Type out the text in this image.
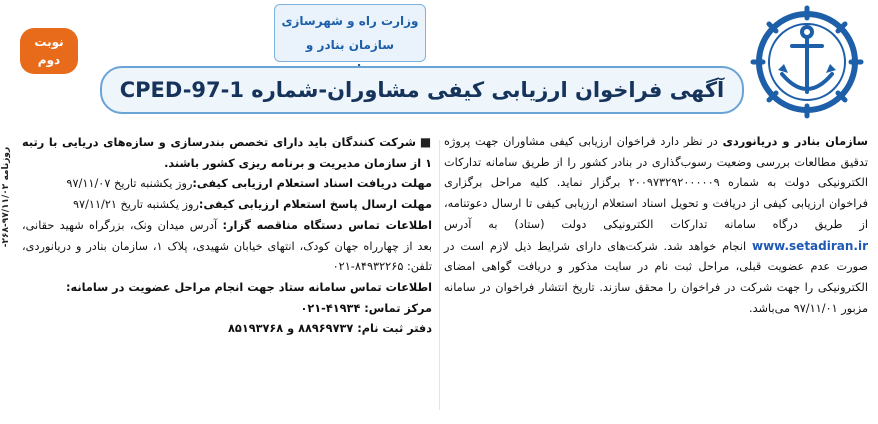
وزارت راه و شهرسازی
سازمان بنادر و
نوبت
دوم
آگهی فراخوان ارزیابی کیفی مشاوران-شماره CPED-97-1

سازمان بنادر و دریانوردی در نظر دارد فراخوان ارزیابی کیفی مشاوران جهت پروژه تدقیق مطالعات بررسی وضعیت رسوب‌گذاری در بنادر کشور را از طریق سامانه تدارکات الکترونیکی دولت به شماره ۲۰۰۹۷۳۲۹۲۰۰۰۰۰۹ برگزار نماید. کلیه مراحل برگزاری فراخوان ارزیابی کیفی از دریافت و تحویل اسناد استعلام ارزیابی کیفی تا ارسال دعوتنامه، از طریق درگاه سامانه تدارکات الکترونیکی دولت (ستاد) به آدرس www.setadiran.ir انجام خواهد شد. شرکت‌های دارای شرایط ذیل لازم است در صورت عدم عضویت قبلی، مراحل ثبت نام در سایت مذکور و دریافت گواهی امضای الکترونیکی را جهت شرکت در فراخوان را محقق سازند. تاریخ انتشار فراخوان در سامانه مزبور ۹۷/۱۱/۰۱ می‌باشد.

■ شرکت کنندگان باید دارای تخصص بندرسازی و سازه‌های دریایی با رتبه ۱ از سازمان مدیریت و برنامه ریزی کشور باشند.

مهلت دریافت اسناد استعلام ارزیابی کیفی:روز یکشنبه تاریخ ۹۷/۱۱/۰۷

مهلت ارسال پاسخ استعلام ارزیابی کیفی:روز یکشنبه تاریخ ۹۷/۱۱/۲۱

اطلاعات تماس دستگاه مناقصه گزار: آدرس میدان ونک، بزرگراه شهید حقانی، بعد از چهارراه جهان کودک، انتهای خیابان شهیدی، پلاک ۱، سازمان بنادر و دریانوردی، تلفن: ۸۴۹۳۲۲۶۵-۰۲۱

اطلاعات تماس سامانه ستاد جهت انجام مراحل عضویت در سامانه:

مرکز تماس: ۴۱۹۳۴-۰۲۱

دفتر ثبت نام: ۸۸۹۶۹۷۳۷ و ۸۵۱۹۳۷۶۸

روزنامه ۹۷/۱۱/۰۲-۲۶۸-
